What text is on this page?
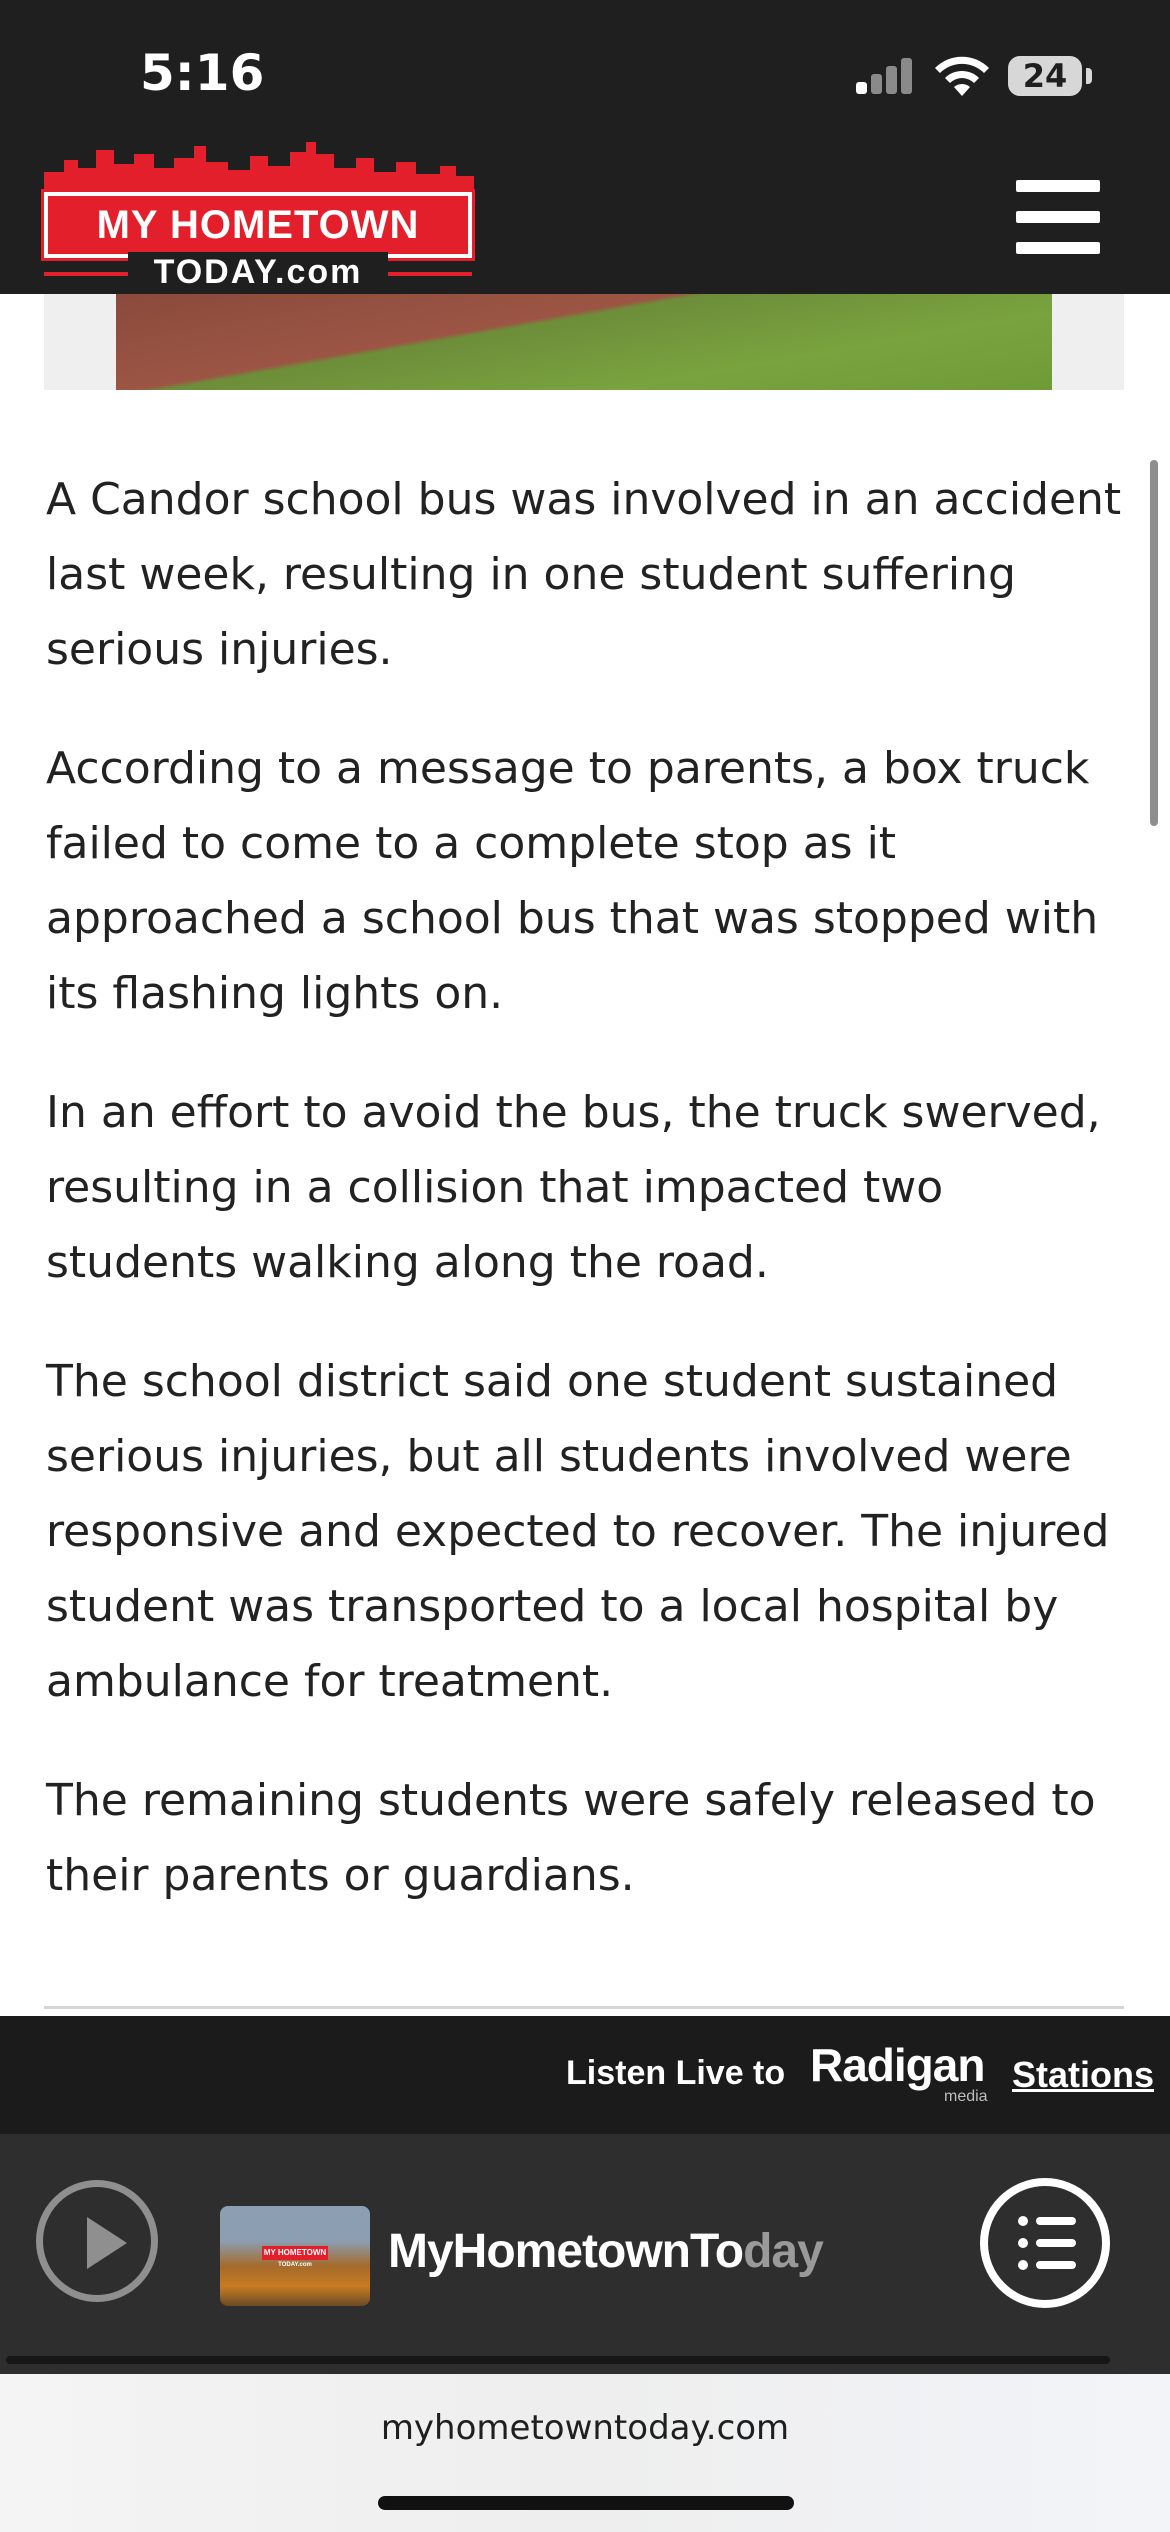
5:16	24
MY HOMETOWN
TODAY.com

A Candor school bus was involved in an accident last week, resulting in one student suffering serious injuries.

According to a message to parents, a box truck failed to come to a complete stop as it approached a school bus that was stopped with its flashing lights on.

In an effort to avoid the bus, the truck swerved, resulting in a collision that impacted two students walking along the road.

The school district said one student sustained serious injuries, but all students involved were responsive and expected to recover. The injured student was transported to a local hospital by ambulance for treatment.

The remaining students were safely released to their parents or guardians.

Listen Live to Radigan
media
Stations
MY HOMETOWN
TODAY.com MyHometownToday
myhometowntoday.com
